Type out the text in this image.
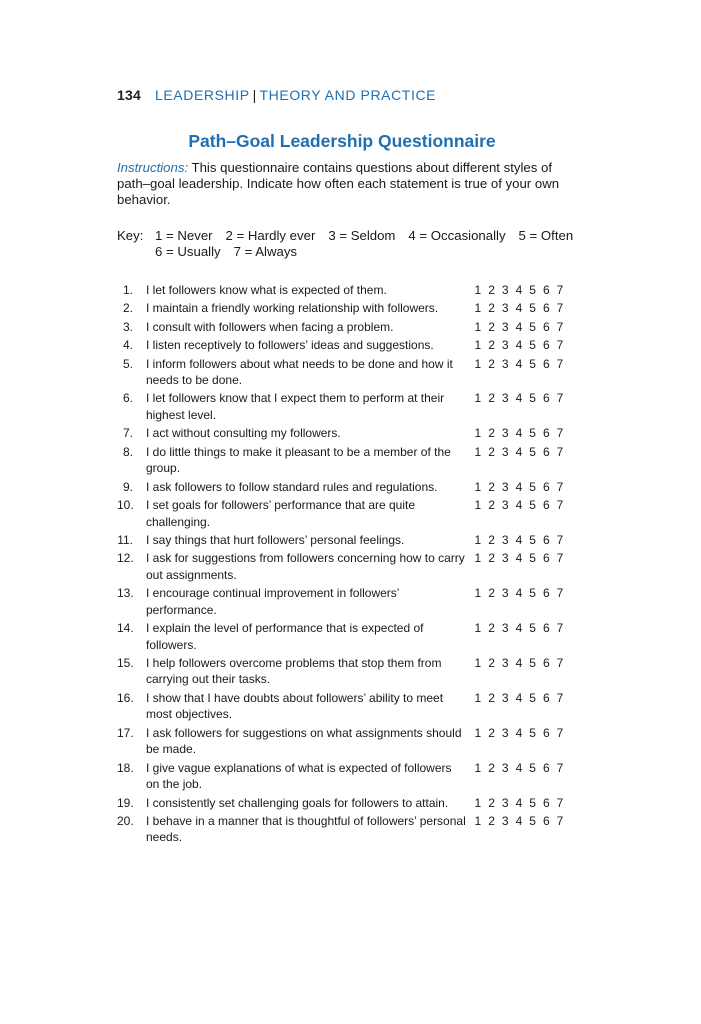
134 LEADERSHIP | THEORY AND PRACTICE
Path–Goal Leadership Questionnaire
Instructions: This questionnaire contains questions about different styles of path–goal leadership. Indicate how often each statement is true of your own behavior.
Key: 1 = Never 2 = Hardly ever 3 = Seldom 4 = Occasionally 5 = Often
6 = Usually 7 = Always
1. I let followers know what is expected of them.	1 2 3 4 5 6 7
2. I maintain a friendly working relationship with followers.	1 2 3 4 5 6 7
3. I consult with followers when facing a problem.	1 2 3 4 5 6 7
4. I listen receptively to followers’ ideas and suggestions.	1 2 3 4 5 6 7
5. I inform followers about what needs to be done and how it needs to be done.
1 2 3 4 5 6 7
6. I let followers know that I expect them to perform at their highest level.
1 2 3 4 5 6 7
7. I act without consulting my followers.	1 2 3 4 5 6 7
8. I do little things to make it pleasant to be a member of the group.
1 2 3 4 5 6 7
9. I ask followers to follow standard rules and regulations.	1 2 3 4 5 6 7
10. I set goals for followers’ performance that are quite challenging.
1 2 3 4 5 6 7
11. I say things that hurt followers’ personal feelings.	1 2 3 4 5 6 7
12. I ask for suggestions from followers concerning how to carry out assignments.
1 2 3 4 5 6 7
13. I encourage continual improvement in followers’ performance.
1 2 3 4 5 6 7
14. I explain the level of performance that is expected of followers.
1 2 3 4 5 6 7
15. I help followers overcome problems that stop them from carrying out their tasks.
1 2 3 4 5 6 7
16. I show that I have doubts about followers’ ability to meet most objectives.
1 2 3 4 5 6 7
17. I ask followers for suggestions on what assignments should be made.
1 2 3 4 5 6 7
18. I give vague explanations of what is expected of followers on the job.
1 2 3 4 5 6 7
19. I consistently set challenging goals for followers to attain.	1 2 3 4 5 6 7
20. I behave in a manner that is thoughtful of followers’ personal needs.
1 2 3 4 5 6 7
